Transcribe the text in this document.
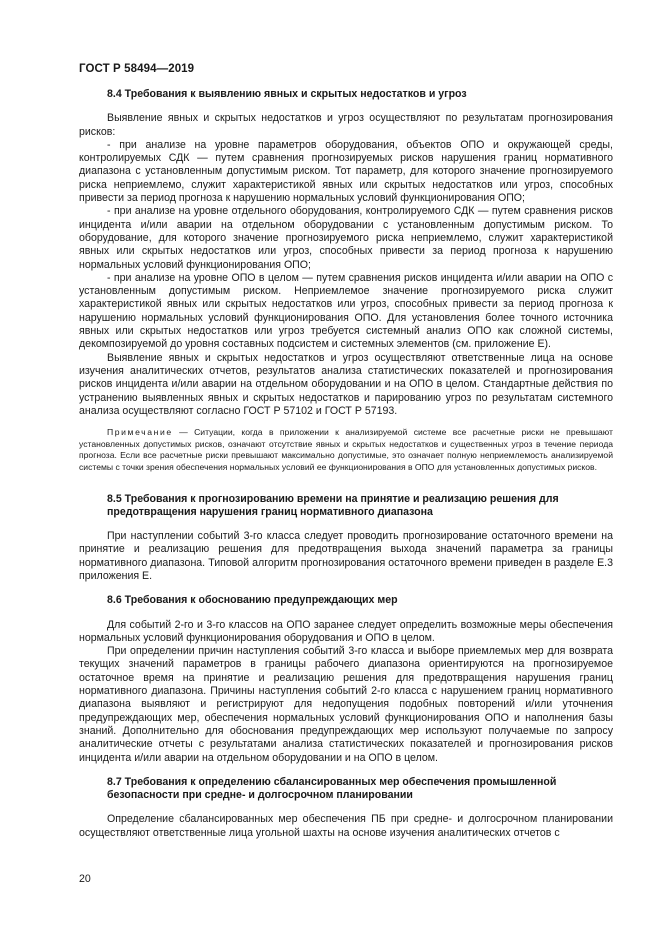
ГОСТ Р 58494—2019
8.4 Требования к выявлению явных и скрытых недостатков и угроз

Выявление явных и скрытых недостатков и угроз осуществляют по результатам прогнозирования рисков:

- при анализе на уровне параметров оборудования, объектов ОПО и окружающей среды, контролируемых СДК — путем сравнения прогнозируемых рисков нарушения границ нормативного диапазона с установленным допустимым риском. Тот параметр, для которого значение прогнозируемого риска неприемлемо, служит характеристикой явных или скрытых недостатков или угроз, способных привести за период прогноза к нарушению нормальных условий функционирования ОПО;

- при анализе на уровне отдельного оборудования, контролируемого СДК — путем сравнения рисков инцидента и/или аварии на отдельном оборудовании с установленным допустимым риском. То оборудование, для которого значение прогнозируемого риска неприемлемо, служит характеристикой явных или скрытых недостатков или угроз, способных привести за период прогноза к нарушению нормальных условий функционирования ОПО;

- при анализе на уровне ОПО в целом — путем сравнения рисков инцидента и/или аварии на ОПО с установленным допустимым риском. Неприемлемое значение прогнозируемого риска служит характеристикой явных или скрытых недостатков или угроз, способных привести за период прогноза к нарушению нормальных условий функционирования ОПО. Для установления более точного источника явных или скрытых недостатков или угроз требуется системный анализ ОПО как сложной системы, декомпозируемой до уровня составных подсистем и системных элементов (см. приложение Е).

Выявление явных и скрытых недостатков и угроз осуществляют ответственные лица на основе изучения аналитических отчетов, результатов анализа статистических показателей и прогнозирования рисков инцидента и/или аварии на отдельном оборудовании и на ОПО в целом. Стандартные действия по устранению выявленных явных и скрытых недостатков и парированию угроз по результатам системного анализа осуществляют согласно ГОСТ Р 57102 и ГОСТ Р 57193.

Примечание — Ситуации, когда в приложении к анализируемой системе все расчетные риски не превышают установленных допустимых рисков, означают отсутствие явных и скрытых недостатков и существенных угроз в течение периода прогноза. Если все расчетные риски превышают максимально допустимые, это означает полную неприемлемость анализируемой системы с точки зрения обеспечения нормальных условий ее функционирования в ОПО для установленных допустимых рисков.

8.5 Требования к прогнозированию времени на принятие и реализацию решения для предотвращения нарушения границ нормативного диапазона

При наступлении событий 3-го класса следует проводить прогнозирование остаточного времени на принятие и реализацию решения для предотвращения выхода значений параметра за границы нормативного диапазона. Типовой алгоритм прогнозирования остаточного времени приведен в разделе Е.3 приложения Е.

8.6 Требования к обоснованию предупреждающих мер

Для событий 2-го и 3-го классов на ОПО заранее следует определить возможные меры обеспечения нормальных условий функционирования оборудования и ОПО в целом.

При определении причин наступления событий 3-го класса и выборе приемлемых мер для возврата текущих значений параметров в границы рабочего диапазона ориентируются на прогнозируемое остаточное время на принятие и реализацию решения для предотвращения нарушения границ нормативного диапазона. Причины наступления событий 2-го класса с нарушением границ нормативного диапазона выявляют и регистрируют для недопущения подобных повторений и/или уточнения предупреждающих мер, обеспечения нормальных условий функционирования ОПО и наполнения базы знаний. Дополнительно для обоснования предупреждающих мер используют получаемые по запросу аналитические отчеты с результатами анализа статистических показателей и прогнозирования рисков инцидента и/или аварии на отдельном оборудовании и на ОПО в целом.

8.7 Требования к определению сбалансированных мер обеспечения промышленной безопасности при средне- и долгосрочном планировании

Определение сбалансированных мер обеспечения ПБ при средне- и долгосрочном планировании осуществляют ответственные лица угольной шахты на основе изучения аналитических отчетов с

20
